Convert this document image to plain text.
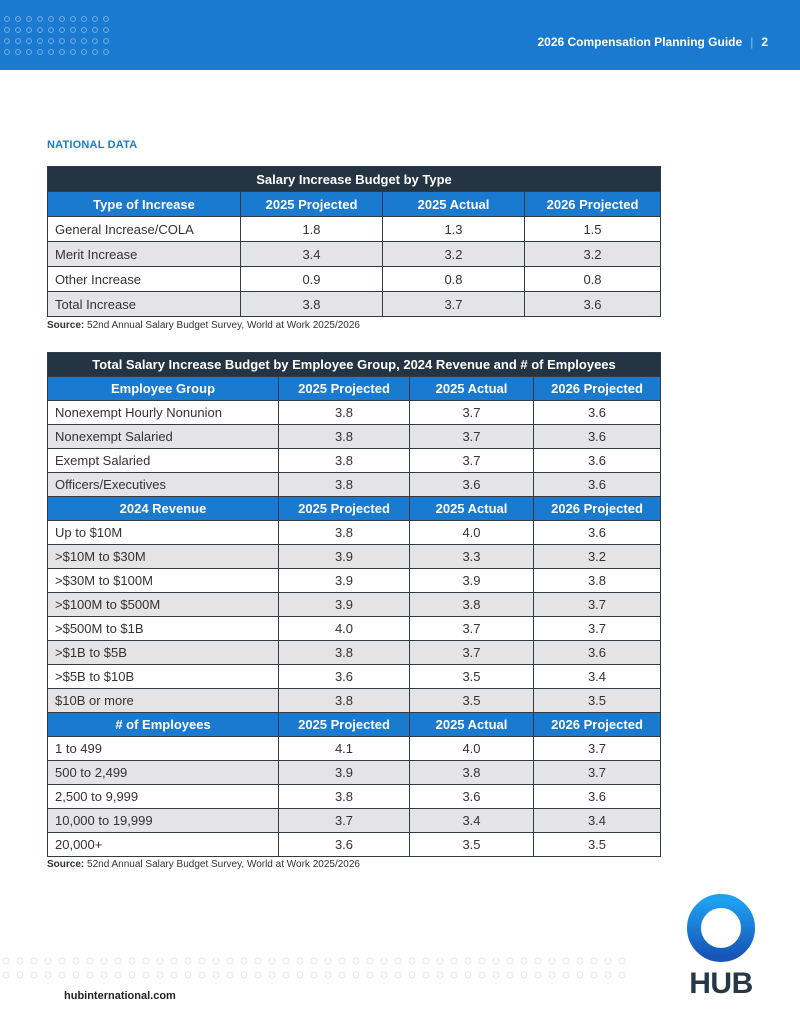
2026 Compensation Planning Guide | 2
NATIONAL DATA
Salary Increase Budget by Type			
Type of Increase	2025 Projected	2025 Actual	2026 Projected
General Increase/COLA	1.8	1.3	1.5
Merit Increase	3.4	3.2	3.2
Other Increase	0.9	0.8	0.8
Total Increase	3.8	3.7	3.6
Source: 52nd Annual Salary Budget Survey, World at Work 2025/2026
Total Salary Increase Budget by Employee Group, 2024 Revenue and # of Employees			
Employee Group	2025 Projected	2025 Actual	2026 Projected
Nonexempt Hourly Nonunion	3.8	3.7	3.6
Nonexempt Salaried	3.8	3.7	3.6
Exempt Salaried	3.8	3.7	3.6
Officers/Executives	3.8	3.6	3.6
2024 Revenue	2025 Projected	2025 Actual	2026 Projected
Up to $10M	3.8	4.0	3.6
>$10M to $30M	3.9	3.3	3.2
>$30M to $100M	3.9	3.9	3.8
>$100M to $500M	3.9	3.8	3.7
>$500M to $1B	4.0	3.7	3.7
>$1B to $5B	3.8	3.7	3.6
>$5B to $10B	3.6	3.5	3.4
$10B or more	3.8	3.5	3.5
# of Employees	2025 Projected	2025 Actual	2026 Projected
1 to 499	4.1	4.0	3.7
500 to 2,499	3.9	3.8	3.7
2,500 to 9,999	3.8	3.6	3.6
10,000 to 19,999	3.7	3.4	3.4
20,000+	3.6	3.5	3.5
Source: 52nd Annual Salary Budget Survey, World at Work 2025/2026
HUB
hubinternational.com
